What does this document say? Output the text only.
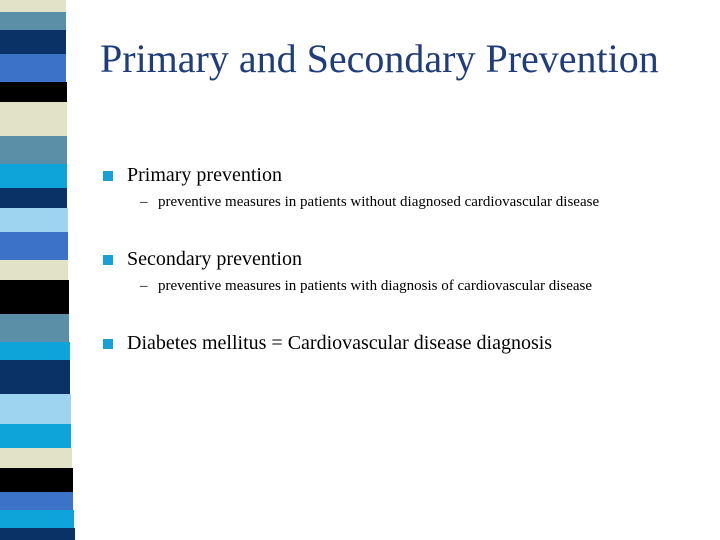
Primary and Secondary Prevention

Primary prevention

– preventive measures in patients without diagnosed cardiovascular disease

Secondary prevention

– preventive measures in patients with diagnosis of cardiovascular disease

Diabetes mellitus = Cardiovascular disease diagnosis
